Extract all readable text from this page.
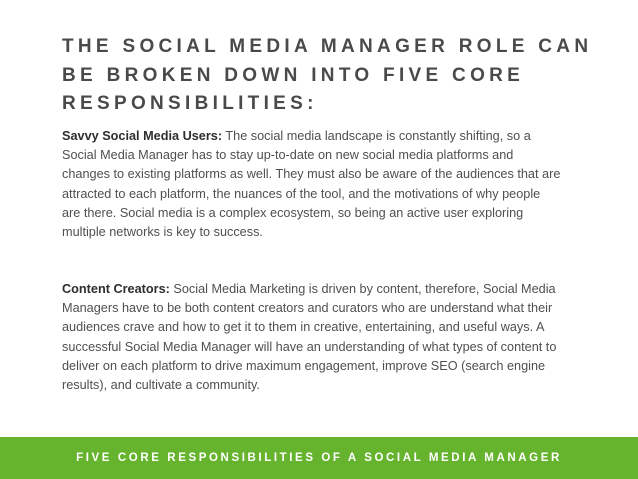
THE SOCIAL MEDIA MANAGER ROLE CAN BE BROKEN DOWN INTO FIVE CORE RESPONSIBILITIES:

Savvy Social Media Users: The social media landscape is constantly shifting, so a Social Media Manager has to stay up-to-date on new social media platforms and changes to existing platforms as well. They must also be aware of the audiences that are attracted to each platform, the nuances of the tool, and the motivations of why people are there. Social media is a complex ecosystem, so being an active user exploring multiple networks is key to success.

Content Creators: Social Media Marketing is driven by content, therefore, Social Media Managers have to be both content creators and curators who are understand what their audiences crave and how to get it to them in creative, entertaining, and useful ways. A successful Social Media Manager will have an understanding of what types of content to deliver on each platform to drive maximum engagement, improve SEO (search engine results), and cultivate a community.

FIVE CORE RESPONSIBILITIES OF A SOCIAL MEDIA MANAGER
